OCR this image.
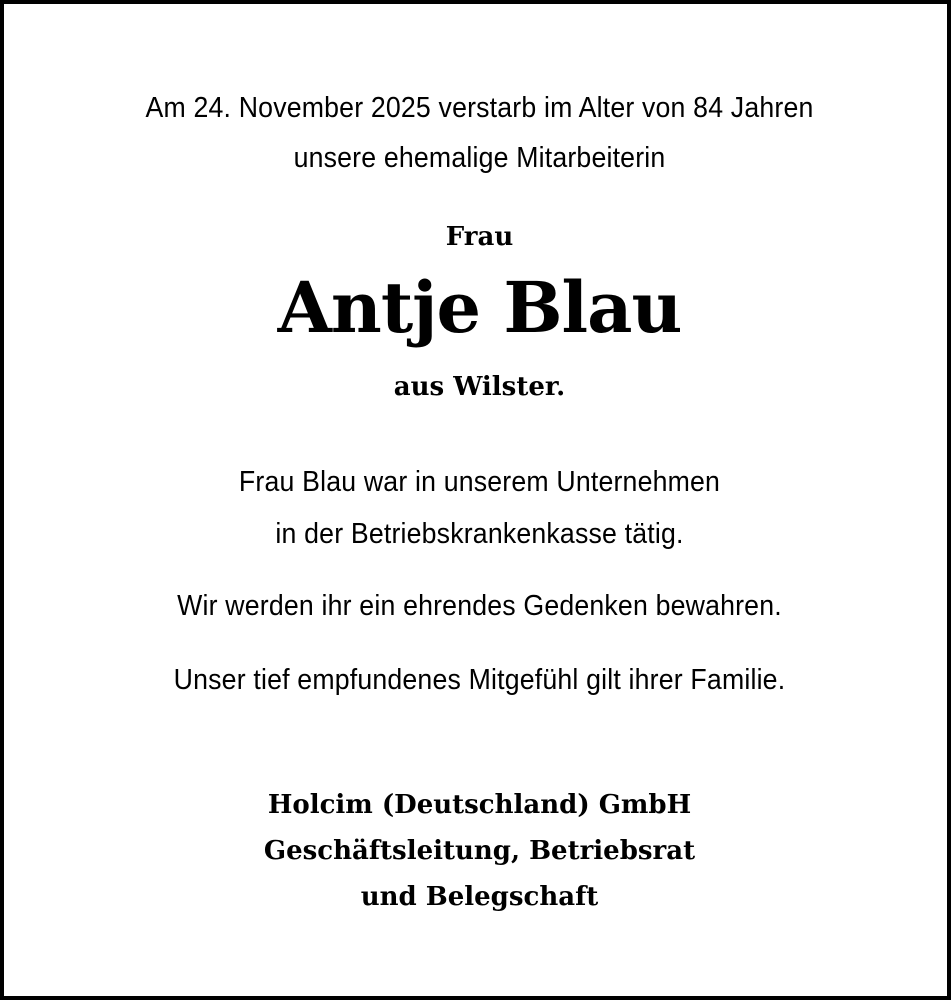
Am 24. November 2025 verstarb im Alter von 84 Jahren
unsere ehemalige Mitarbeiterin
Frau
Antje Blau
aus Wilster.
Frau Blau war in unserem Unternehmen
in der Betriebskrankenkasse tätig.
Wir werden ihr ein ehrendes Gedenken bewahren.
Unser tief empfundenes Mitgefühl gilt ihrer Familie.
Holcim (Deutschland) GmbH
Geschäftsleitung, Betriebsrat
und Belegschaft
